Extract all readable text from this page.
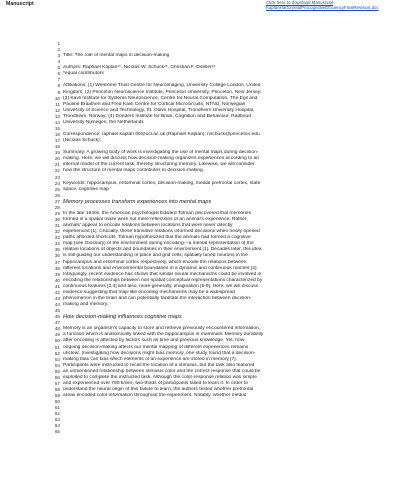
Manuscript	Click here to download Manuscript
KaplanHartoryetalProcognitiveEfficiencyFinalRevision.doc
1
2
3
4
5
6
7
8
9
10
11
12
13
14
15
16
17
18
19
20
21
22
23
24
25
26
27
28
29
30
31
32
33
34
35
36
37
38
39
40
41
42
43
44
45
46
47
48
49
50
51
52
53
54
55
56
57
58
59
60
61
62
63
64
65
Title: The role of mental maps in decision-making
Authors: Raphael Kaplan¹*, Nicolas W. Schuck²*, Christian F. Doeller³⁴
*equal contributors
Affiliations: (1) Wellcome Trust Centre for Neuroimaging, University College London, United
Kingdom; (2) Princeton Neuroscience Institute, Princeton University, Princeton, New Jersey;
(3) Kavli Institute for Systems Neuroscience, Centre for Neural Computation, The Egil and
Pauline Braathen and Fred Kavli Centre for Cortical Microcircuits, NTNU, Norwegian
University of Science and Technology, St. Olavs Hospital, Trondheim University Hospital,
Trondheim, Norway; (4) Donders Institute for Brain, Cognition and Behaviour, Radboud
University Nijmegen, the Netherlands
Correspondence: raphael.kaplan.09@ucl.ac.uk (Raphael Kaplan); nschuck@princeton.edu
(Nicolas Schuck);
Summary: A growing body of work is investigating the use of mental maps during decision-
making. Here, we will discuss how decision-making organizes experiences according to an
internal model of the current task, thereby structuring memory. Likewise, we will consider
how the structure of mental maps contributes to decision-making.
Keywords: hippocampus, entorhinal cortex, decision-making, medial prefrontal cortex, state
space, cognitive map
Memory processes transform experiences into mental maps
In the late 1940s, the American psychologist Edward Tolman discovered that memories
formed in a spatial maze were not mere reflections of an animal's experience. Rather,
animals' appear to encode relations between locations that were never directly
experienced [1]. Crucially, these transitive relations informed decisions when newly opened
paths afforded shortcuts. Tolman hypothesized that the animals had formed a cognitive
map (see Glossary) of the environment during encoding—a mental representation of the
relative locations of objects and boundaries in their environment [1]. Decades later, this idea
is still guiding our understanding of place and grid cells, spatially tuned neurons in the
hippocampus and entorhinal cortex respectively, which encode the relations between
different locations and environmental boundaries in a dynamic and continuous manner [2].
Intriguingly, recent evidence has shown that similar neural mechanisms could be involved in
encoding the relationships between non-spatial conceptual representations characterized by
continuous features [3,4] and also, more generally, imagination [5-9]. Here, we will discuss
evidence suggesting that map-like encoding mechanisms may be a widespread
phenomenon in the brain and can potentially facilitate the interaction between decision-
making and memory.
How decision-making influences cognitive maps
Memory is an organism's capacity to store and retrieve previously encountered information,
a function which is anatomically linked with the hippocampus in mammals. Memory durability
after encoding is affected by factors such as time and previous knowledge. Yet, how
ongoing decision-making affects our mental mapping of different experiences remains
unclear. Investigating how decisions might bias memory, one study found that a decision-
making bias can bias which elements of an experience are stored in memory [7].
Participants were instructed to recall the location of a stimulus, but the task also featured
an unmentioned relationship between stimulus color and the correct response that could be
exploited to complete the instructed task. Although the color-response relation was simple
and experienced over 700 times, two-thirds of participants failed to learn it. In order to
understand the neural origin of this failure to learn, the authors tested whether prefrontal
areas encoded color information throughout the experiment. Notably, whether medial
